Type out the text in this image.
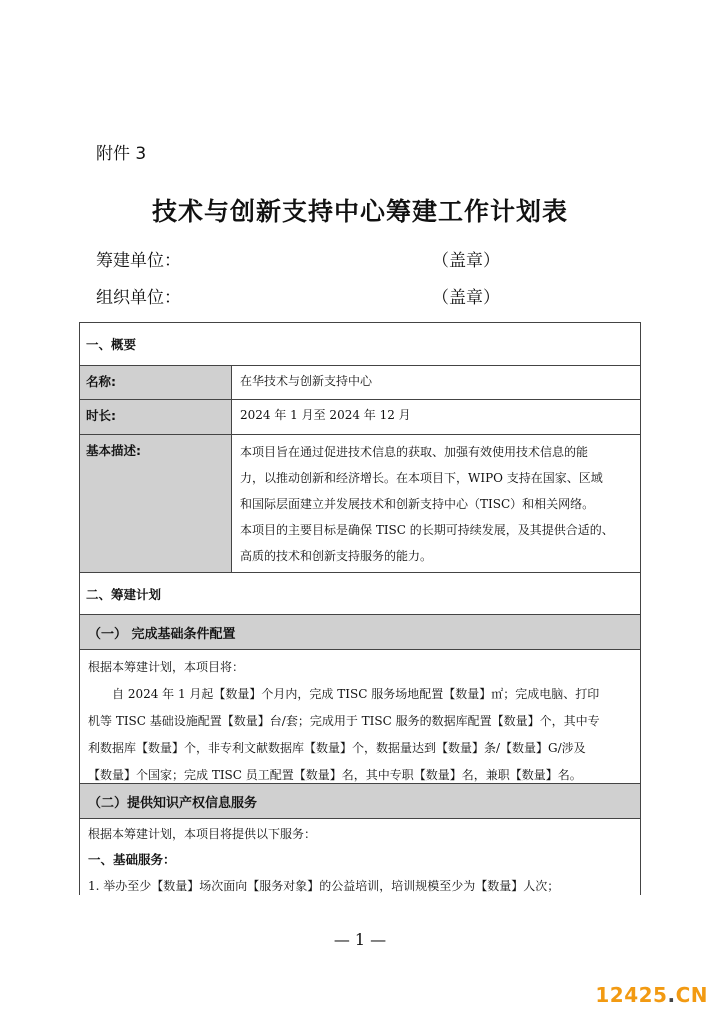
附件 3
技术与创新支持中心筹建工作计划表
筹建单位：	（盖章）
组织单位：	（盖章）
一、概要
名称:	在华技术与创新支持中心
时长:	2024 年 1 月至 2024 年 12 月
基本描述:	本项目旨在通过促进技术信息的获取、加强有效使用技术信息的能
力，以推动创新和经济增长。在本项目下，WIPO 支持在国家、区域
和国际层面建立并发展技术和创新支持中心（TISC）和相关网络。
本项目的主要目标是确保 TISC 的长期可持续发展，及其提供合适的、
高质的技术和创新支持服务的能力。
二、筹建计划
（一） 完成基础条件配置

根据本筹建计划，本项目将：

自 2024 年 1 月起【数量】个月内，完成 TISC 服务场地配置【数量】㎡；完成电脑、打印

机等 TISC 基础设施配置【数量】台/套；完成用于 TISC 服务的数据库配置【数量】个，其中专

利数据库【数量】个，非专利文献数据库【数量】个，数据量达到【数量】条/【数量】G/涉及

【数量】个国家；完成 TISC 员工配置【数量】名，其中专职【数量】名，兼职【数量】名。

（二）提供知识产权信息服务
根据本筹建计划，本项目将提供以下服务：
一、基础服务：
1. 举办至少【数量】场次面向【服务对象】的公益培训，培训规模至少为【数量】人次；
— 1 —
12425.CN
